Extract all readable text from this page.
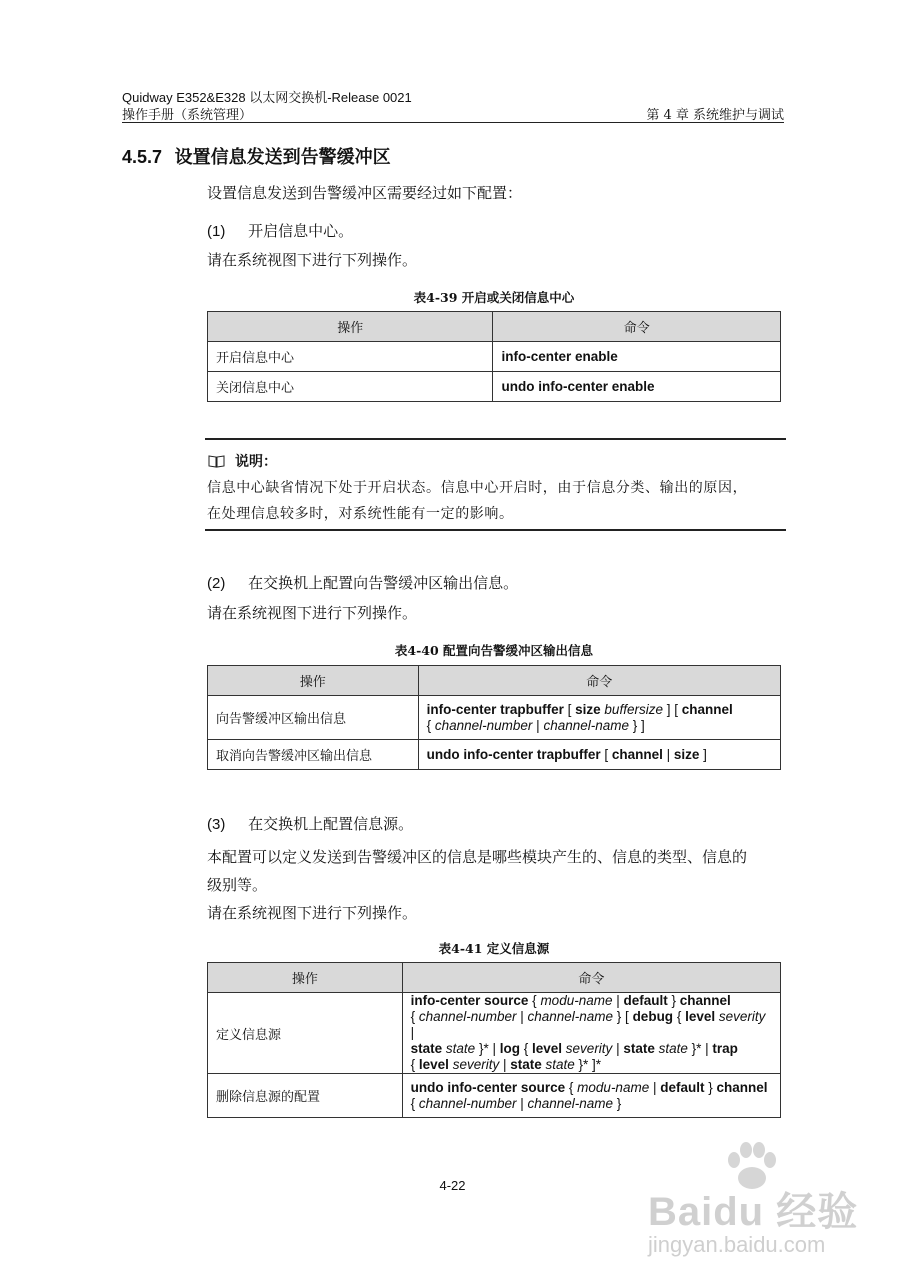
Quidway E352&E328 以太网交换机-Release 0021
操作手册（系统管理）	第 4 章 系统维护与调试
4.5.7 设置信息发送到告警缓冲区
设置信息发送到告警缓冲区需要经过如下配置：
(1) 开启信息中心。
请在系统视图下进行下列操作。
表4-39 开启或关闭信息中心
操作	命令
开启信息中心	info-center enable
关闭信息中心	undo info-center enable
说明：
信息中心缺省情况下处于开启状态。信息中心开启时，由于信息分类、输出的原因，
在处理信息较多时，对系统性能有一定的影响。
(2) 在交换机上配置向告警缓冲区输出信息。
请在系统视图下进行下列操作。
表4-40 配置向告警缓冲区输出信息
操作	命令
向告警缓冲区输出信息	info-center trapbuffer [ size buffersize ] [ channel
{ channel-number | channel-name } ]
取消向告警缓冲区输出信息	undo info-center trapbuffer [ channel | size ]
(3) 在交换机上配置信息源。
本配置可以定义发送到告警缓冲区的信息是哪些模块产生的、信息的类型、信息的
级别等。
请在系统视图下进行下列操作。
表4-41 定义信息源
操作	命令
定义信息源	info-center source { modu-name | default } channel
{ channel-number | channel-name } [ debug { level severity |
state state }* | log { level severity | state state }* | trap
{ level severity | state state }* ]*
删除信息源的配置	undo info-center source { modu-name | default } channel
{ channel-number | channel-name }
4-22
Baidu 经验
jingyan.baidu.com
